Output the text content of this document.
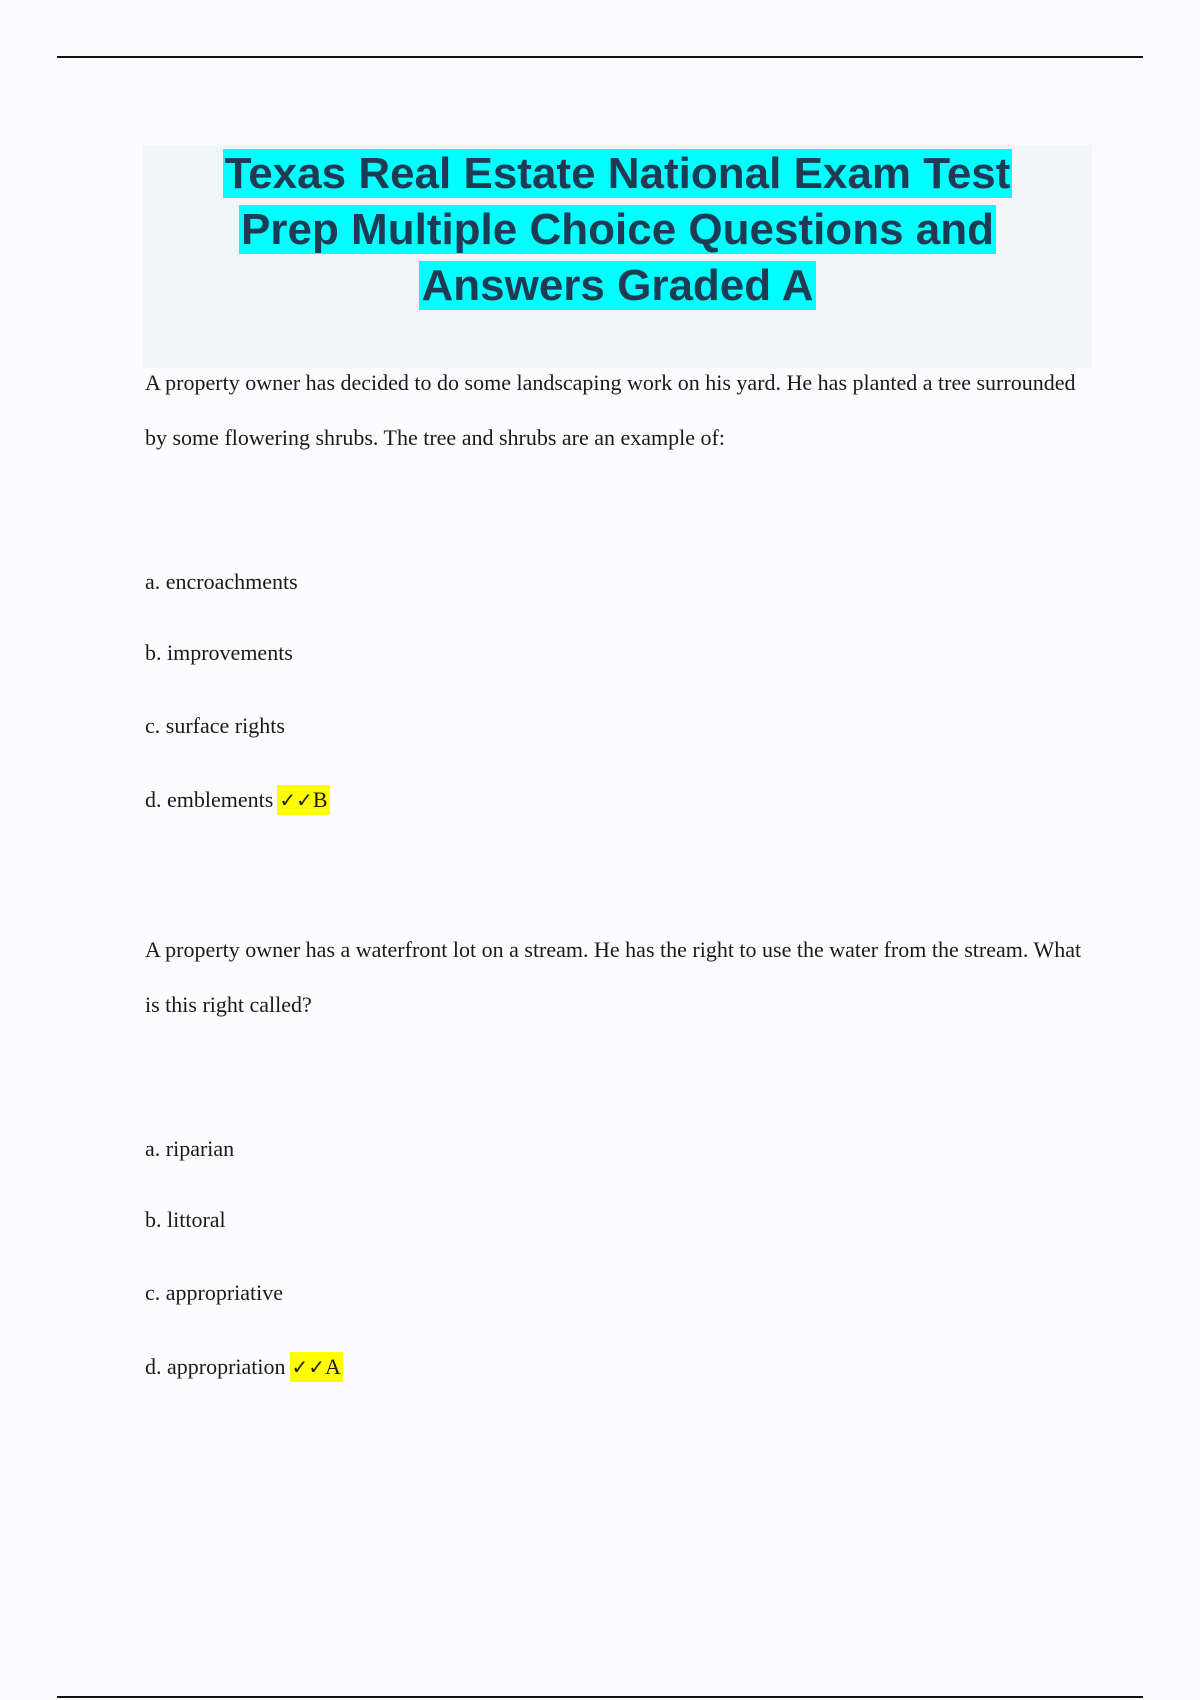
Texas Real Estate National Exam Test
Prep Multiple Choice Questions and
Answers Graded A

A property owner has decided to do some landscaping work on his yard. He has planted a tree surrounded by some flowering shrubs. The tree and shrubs are an example of:

a. encroachments

b. improvements

c. surface rights

d. emblements ✓✓B

A property owner has a waterfront lot on a stream. He has the right to use the water from the stream. What is this right called?

a. riparian

b. littoral

c. appropriative

d. appropriation ✓✓A
